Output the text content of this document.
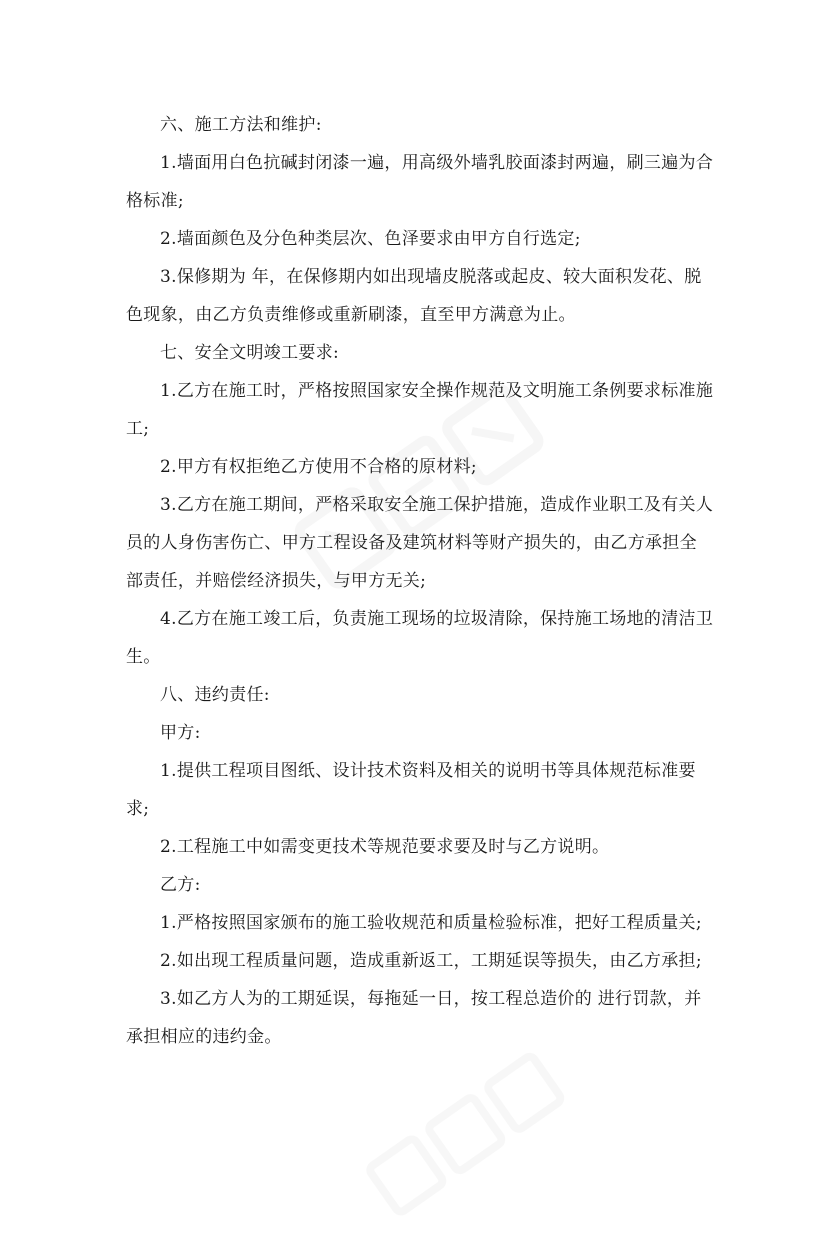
六、施工方法和维护:

1.墙面用白色抗碱封闭漆一遍，用高级外墙乳胶面漆封两遍，刷三遍为合格标准;

2.墙面颜色及分色种类层次、色泽要求由甲方自行选定;

3.保修期为 年，在保修期内如出现墙皮脱落或起皮、较大面积发花、脱色现象，由乙方负责维修或重新刷漆，直至甲方满意为止。

七、安全文明竣工要求:

1.乙方在施工时，严格按照国家安全操作规范及文明施工条例要求标准施工;

2.甲方有权拒绝乙方使用不合格的原材料;

3.乙方在施工期间，严格采取安全施工保护措施，造成作业职工及有关人员的人身伤害伤亡、甲方工程设备及建筑材料等财产损失的，由乙方承担全部责任，并赔偿经济损失，与甲方无关;

4.乙方在施工竣工后，负责施工现场的垃圾清除，保持施工场地的清洁卫生。

八、违约责任:

甲方:

1.提供工程项目图纸、设计技术资料及相关的说明书等具体规范标准要求;

2.工程施工中如需变更技术等规范要求要及时与乙方说明。

乙方:

1.严格按照国家颁布的施工验收规范和质量检验标准，把好工程质量关;

2.如出现工程质量问题，造成重新返工，工期延误等损失，由乙方承担;

3.如乙方人为的工期延误，每拖延一日，按工程总造价的 进行罚款，并承担相应的违约金。
